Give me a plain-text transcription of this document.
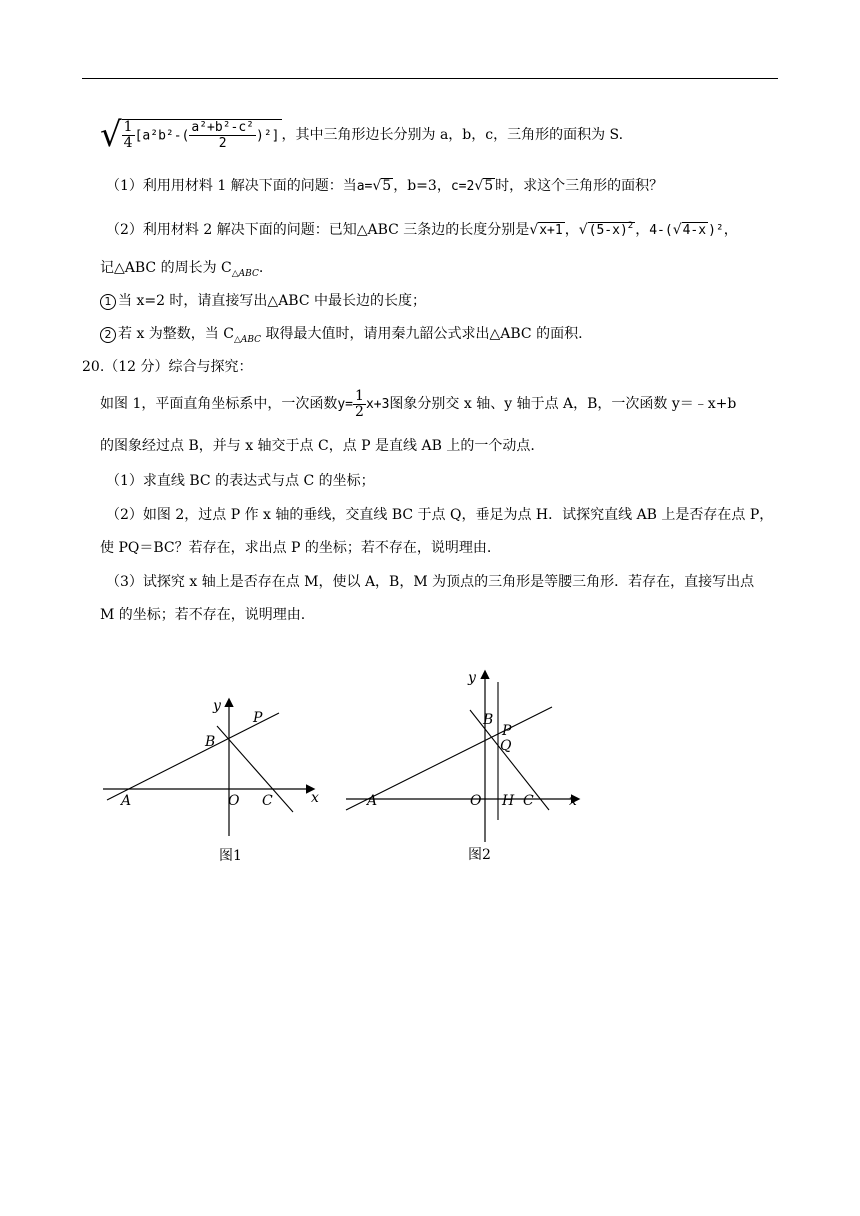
√ $\frac{1}{4} [a^2b^2-( \frac{\text{a²+b²-c²}}{2} )^2]$ ，其中三角形边长分别为 a，b，c，三角形的面积为 S.
（1）利用用材料 1 解决下面的问题：当a=√5 ，b=3，c=2√5 时，求这个三角形的面积？
（2）利用材料 2 解决下面的问题：已知△ABC 三条边的长度分别是√x+1 ，$√(5-x)^2$ ，4-(√4-x )²，
记△ABC 的周长为 $C_{\triangle ABC}$.
1 当 x=2 时，请直接写出△ABC 中最长边的长度；
2 若 x 为整数，当 $C_{\triangle ABC}$ 取得最大值时，请用秦九韶公式求出△ABC 的面积.
20.（12 分）综合与探究：
如图 1，平面直角坐标系中，一次函数$y= \frac{1}{2} x+3$图象分别交 x 轴、y 轴于点 A，B，一次函数 y＝﹣x+b
的图象经过点 B，并与 x 轴交于点 C，点 P 是直线 AB 上的一个动点.
（1）求直线 BC 的表达式与点 C 的坐标；
（2）如图 2，过点 P 作 x 轴的垂线，交直线 BC 于点 Q，垂足为点 H．试探究直线 AB 上是否存在点 P，
使 PQ＝BC？若存在，求出点 P 的坐标；若不存在，说明理由.
（3）试探究 x 轴上是否存在点 M，使以 A，B，M 为顶点的三角形是等腰三角形．若存在，直接写出点
M 的坐标；若不存在，说明理由.
y
x
P
B
A	O C
图1
y
x
B
P
Q
A	O H C
图2
